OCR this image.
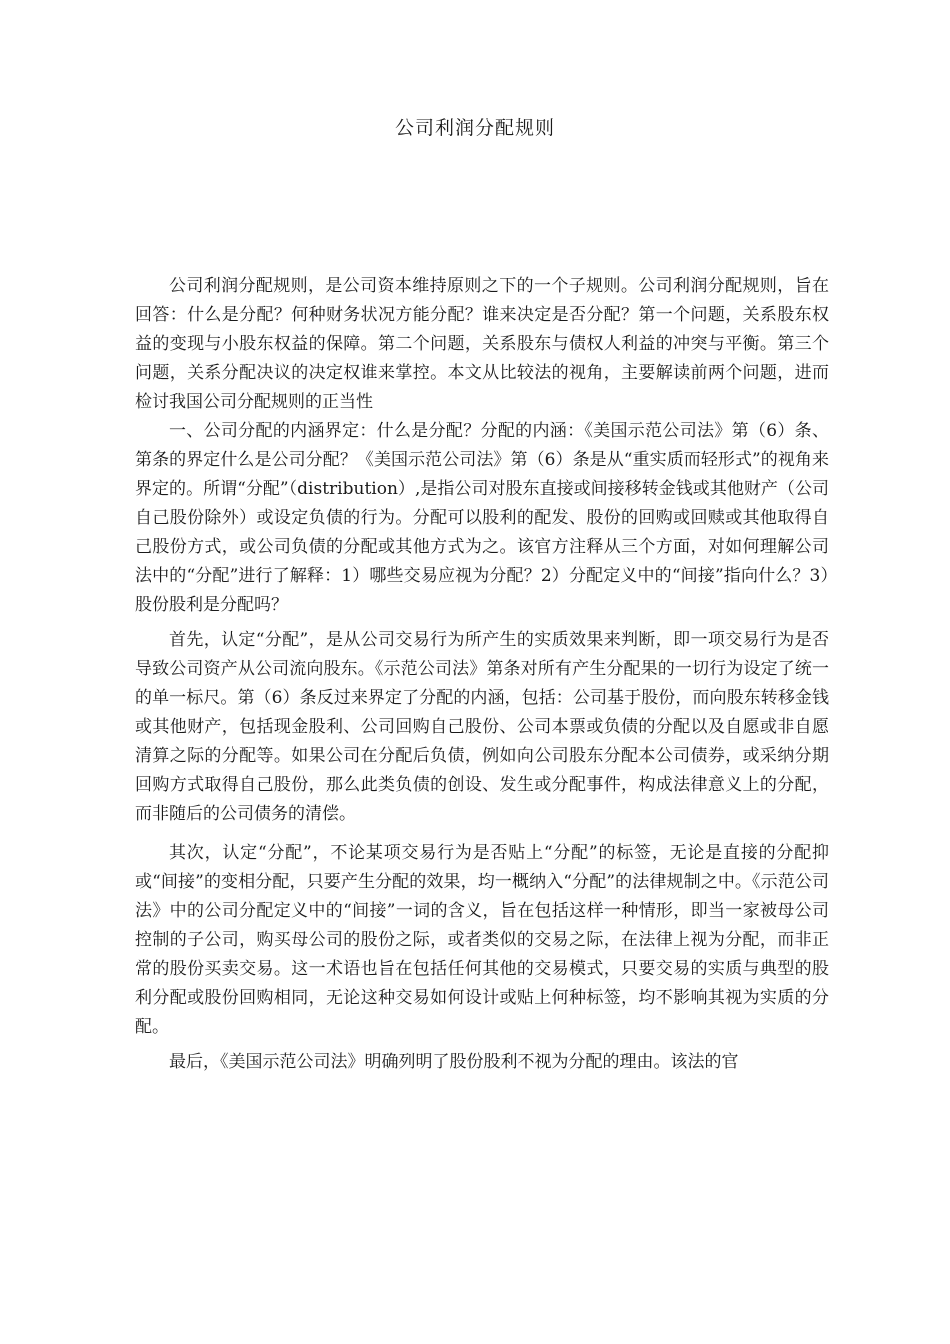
公司利润分配规则

公司利润分配规则，是公司资本维持原则之下的一个子规则。公司利润分配规则，旨在回答：什么是分配？何种财务状况方能分配？谁来决定是否分配？第一个问题，关系股东权益的变现与小股东权益的保障。第二个问题，关系股东与债权人利益的冲突与平衡。第三个问题，关系分配决议的决定权谁来掌控。本文从比较法的视角，主要解读前两个问题，进而检讨我国公司分配规则的正当性

一、公司分配的内涵界定：什么是分配？分配的内涵：《美国示范公司法》第（6）条、第条的界定什么是公司分配？《美国示范公司法》第（6）条是从“重实质而轻形式”的视角来界定的。所谓“分配”（distribution）,是指公司对股东直接或间接移转金钱或其他财产（公司自己股份除外）或设定负债的行为。分配可以股利的配发、股份的回购或回赎或其他取得自己股份方式，或公司负债的分配或其他方式为之。该官方注释从三个方面，对如何理解公司法中的“分配”进行了解释：1）哪些交易应视为分配？2）分配定义中的“间接”指向什么？3）股份股利是分配吗？

首先，认定“分配”，是从公司交易行为所产生的实质效果来判断，即一项交易行为是否导致公司资产从公司流向股东。《示范公司法》第条对所有产生分配果的一切行为设定了统一的单一标尺。第（6）条反过来界定了分配的内涵，包括：公司基于股份，而向股东转移金钱或其他财产，包括现金股利、公司回购自己股份、公司本票或负债的分配以及自愿或非自愿清算之际的分配等。如果公司在分配后负债，例如向公司股东分配本公司债券，或采纳分期回购方式取得自己股份，那么此类负债的创设、发生或分配事件，构成法律意义上的分配，而非随后的公司债务的清偿。

其次，认定“分配”，不论某项交易行为是否贴上“分配”的标签，无论是直接的分配抑或“间接”的变相分配，只要产生分配的效果，均一概纳入“分配”的法律规制之中。《示范公司法》中的公司分配定义中的“间接”一词的含义，旨在包括这样一种情形，即当一家被母公司控制的子公司，购买母公司的股份之际，或者类似的交易之际，在法律上视为分配，而非正常的股份买卖交易。这一术语也旨在包括任何其他的交易模式，只要交易的实质与典型的股利分配或股份回购相同，无论这种交易如何设计或贴上何种标签，均不影响其视为实质的分配。

最后，《美国示范公司法》明确列明了股份股利不视为分配的理由。该法的官
